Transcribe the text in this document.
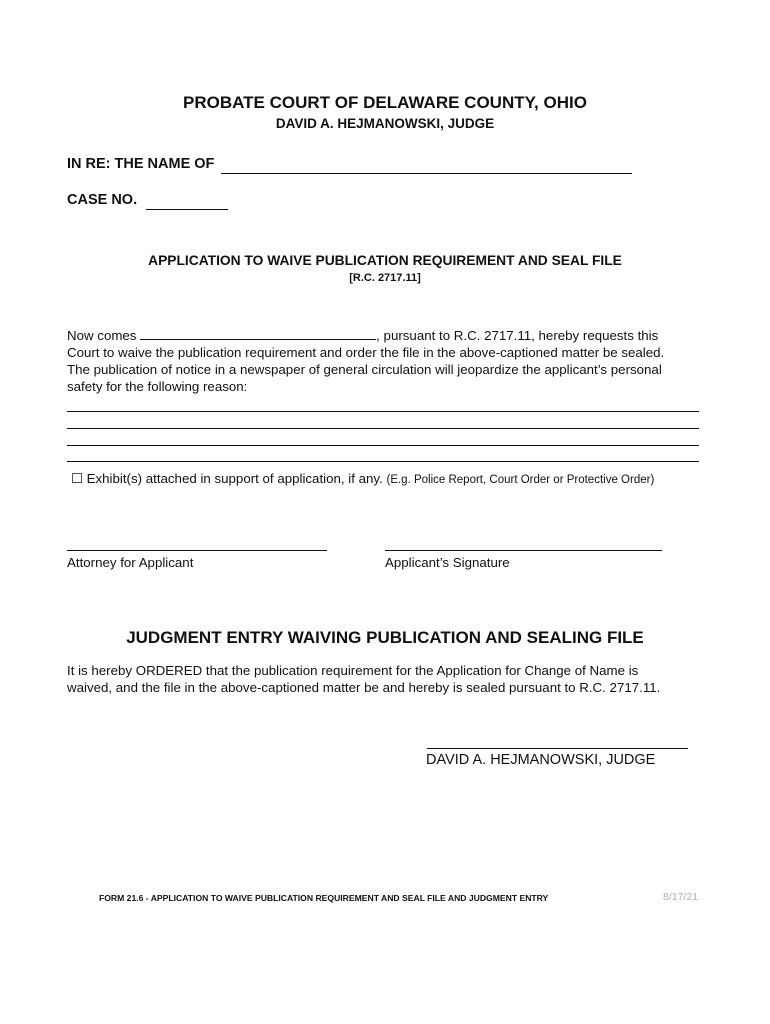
PROBATE COURT OF DELAWARE COUNTY, OHIO
DAVID A. HEJMANOWSKI, JUDGE
IN RE: THE NAME OF
CASE NO.
APPLICATION TO WAIVE PUBLICATION REQUIREMENT AND SEAL FILE
[R.C. 2717.11]
Now comes	, pursuant to R.C. 2717.11, hereby requests this
Court to waive the publication requirement and order the file in the above-captioned matter be sealed.
The publication of notice in a newspaper of general circulation will jeopardize the applicant’s personal
safety for the following reason:
☐ Exhibit(s) attached in support of application, if any. (E.g. Police Report, Court Order or Protective Order)
Attorney for Applicant	Applicant’s Signature
JUDGMENT ENTRY WAIVING PUBLICATION AND SEALING FILE
It is hereby ORDERED that the publication requirement for the Application for Change of Name is
waived, and the file in the above-captioned matter be and hereby is sealed pursuant to R.C. 2717.11.
DAVID A. HEJMANOWSKI, JUDGE
FORM 21.6 - APPLICATION TO WAIVE PUBLICATION REQUIREMENT AND SEAL FILE AND JUDGMENT ENTRY	8/17/21
